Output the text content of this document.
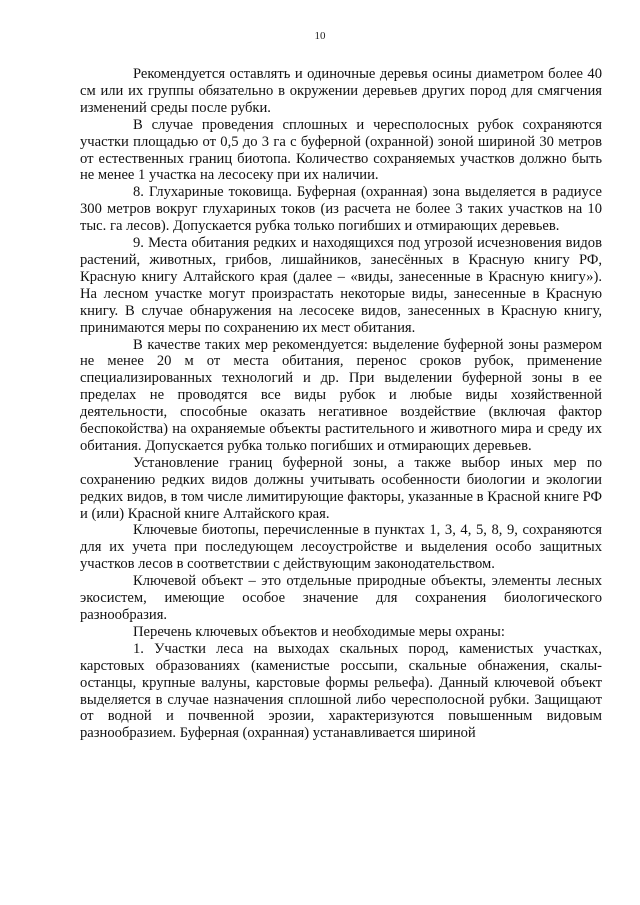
10

Рекомендуется оставлять и одиночные деревья осины диаметром более 40 см или их группы обязательно в окружении деревьев других пород для смягчения изменений среды после рубки.

В случае проведения сплошных и чересполосных рубок сохраняются участки площадью от 0,5 до 3 га с буферной (охранной) зоной шириной 30 метров от естественных границ биотопа. Количество сохраняемых участков должно быть не менее 1 участка на лесосеку при их наличии.

8. Глухариные токовища. Буферная (охранная) зона выделяется в радиусе 300 метров вокруг глухариных токов (из расчета не более 3 таких участков на 10 тыс. га лесов). Допускается рубка только погибших и отмирающих деревьев.

9. Места обитания редких и находящихся под угрозой исчезновения видов растений, животных, грибов, лишайников, занесённых в Красную книгу РФ, Красную книгу Алтайского края (далее – «виды, занесенные в Красную книгу»). На лесном участке могут произрастать некоторые виды, занесенные в Красную книгу. В случае обнаружения на лесосеке видов, занесенных в Красную книгу, принимаются меры по сохранению их мест обитания.

В качестве таких мер рекомендуется: выделение буферной зоны размером не менее 20 м от места обитания, перенос сроков рубок, применение специализированных технологий и др. При выделении буферной зоны в ее пределах не проводятся все виды рубок и любые виды хозяйственной деятельности, способные оказать негативное воздействие (включая фактор беспокойства) на охраняемые объекты растительного и животного мира и среду их обитания. Допускается рубка только погибших и отмирающих деревьев.

Установление границ буферной зоны, а также выбор иных мер по сохранению редких видов должны учитывать особенности биологии и экологии редких видов, в том числе лимитирующие факторы, указанные в Красной книге РФ и (или) Красной книге Алтайского края.

Ключевые биотопы, перечисленные в пунктах 1, 3, 4, 5, 8, 9, сохраняются для их учета при последующем лесоустройстве и выделения особо защитных участков лесов в соответствии с действующим законодательством.

Ключевой объект – это отдельные природные объекты, элементы лесных экосистем, имеющие особое значение для сохранения биологического разнообразия.

Перечень ключевых объектов и необходимые меры охраны:

1. Участки леса на выходах скальных пород, каменистых участках, карстовых образованиях (каменистые россыпи, скальные обнажения, скалы-останцы, крупные валуны, карстовые формы рельефа). Данный ключевой объект выделяется в случае назначения сплошной либо чересполосной рубки. Защищают от водной и почвенной эрозии, характеризуются повышенным видовым разнообразием. Буферная (охранная) устанавливается шириной
